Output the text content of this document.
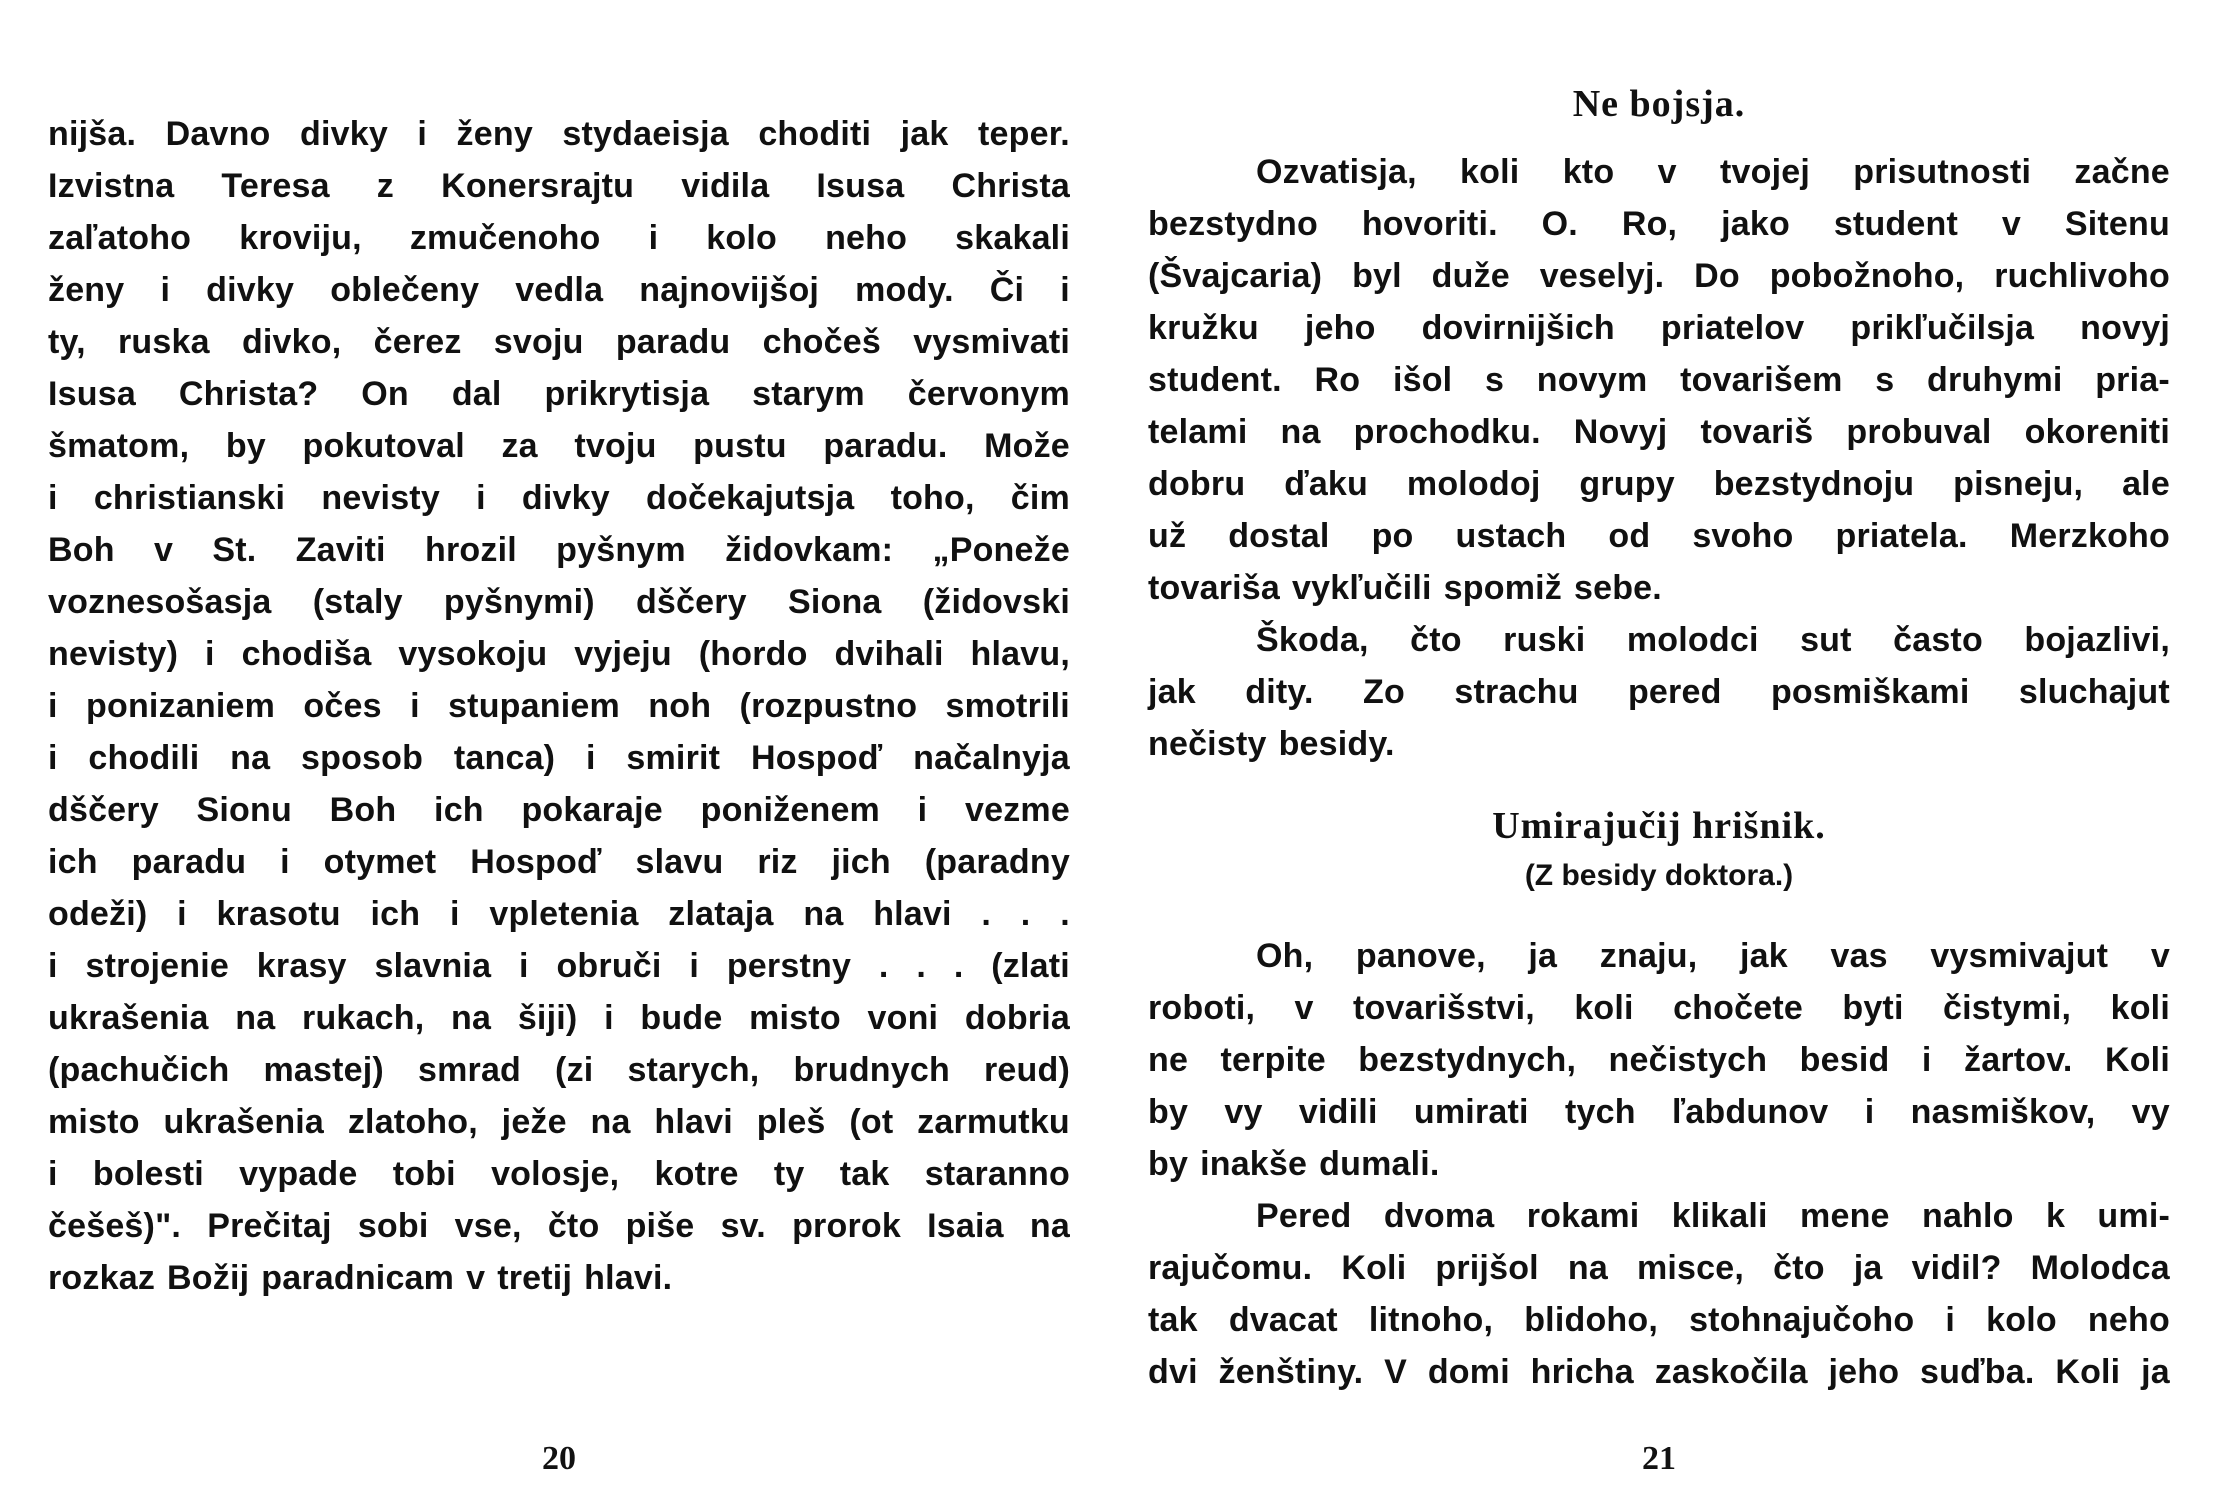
nijša. Davno divky i ženy stydaeisja choditi jak teper.
Izvistna Teresa z Konersrajtu vidila Isusa Christa
zaľatoho kroviju, zmučenoho i kolo neho skakali
ženy i divky oblečeny vedla najnovijšoj mody. Či i
ty, ruska divko, čerez svoju paradu chočeš vysmivati
Isusa Christa? On dal prikrytisja starym červonym
šmatom, by pokutoval za tvoju pustu paradu. Može
i christianski nevisty i divky dočekajutsja toho, čim
Boh v St. Zaviti hrozil pyšnym židovkam: „Poneže
voznesošasja (staly pyšnymi) dščery Siona (židovski
nevisty) i chodiša vysokoju vyjeju (hordo dvihali hlavu,
i ponizaniem očes i stupaniem noh (rozpustno smotrili
i chodili na sposob tanca) i smirit Hospoď načalnyja
dščery Sionu Boh ich pokaraje poniženem i vezme
ich paradu i otymet Hospoď slavu riz jich (paradny
odeži) i krasotu ich i vpletenia zlataja na hlavi . . .
i strojenie krasy slavnia i obruči i perstny . . . (zlati
ukrašenia na rukach, na šiji) i bude misto voni dobria
(pachučich mastej) smrad (zi starych, brudnych reud)
misto ukrašenia zlatoho, ježe na hlavi pleš (ot zarmutku
i bolesti vypade tobi volosje, kotre ty tak staranno
češeš)". Prečitaj sobi vse, čto piše sv. prorok Isaia na
rozkaz Božij paradnicam v tretij hlavi.
20
Ne bojsja.
Ozvatisja, koli kto v tvojej prisutnosti začne
bezstydno hovoriti. O. Ro, jako student v Sitenu
(Švajcaria) byl duže veselyj. Do pobožnoho, ruchlivoho
kružku jeho dovirnijšich priatelov prikľučilsja novyj
student. Ro išol s novym tovarišem s druhymi pria-
telami na prochodku. Novyj tovariš probuval okoreniti
dobru ďaku molodoj grupy bezstydnoju pisneju, ale
už dostal po ustach od svoho priatela. Merzkoho
tovariša vykľučili spomiž sebe.
Škoda, čto ruski molodci sut často bojazlivi,
jak dity. Zo strachu pered posmiškami sluchajut
nečisty besidy.
Umirajučij hrišnik.
(Z besidy doktora.)
Oh, panove, ja znaju, jak vas vysmivajut v
roboti, v tovarišstvi, koli chočete byti čistymi, koli
ne terpite bezstydnych, nečistych besid i žartov. Koli
by vy vidili umirati tych ľabdunov i nasmiškov, vy
by inakše dumali.
Pered dvoma rokami klikali mene nahlo k umi-
rajučomu. Koli prijšol na misce, čto ja vidil? Molodca
tak dvacat litnoho, blidoho, stohnajučoho i kolo neho
dvi ženštiny. V domi hricha zaskočila jeho suďba. Koli ja
21
